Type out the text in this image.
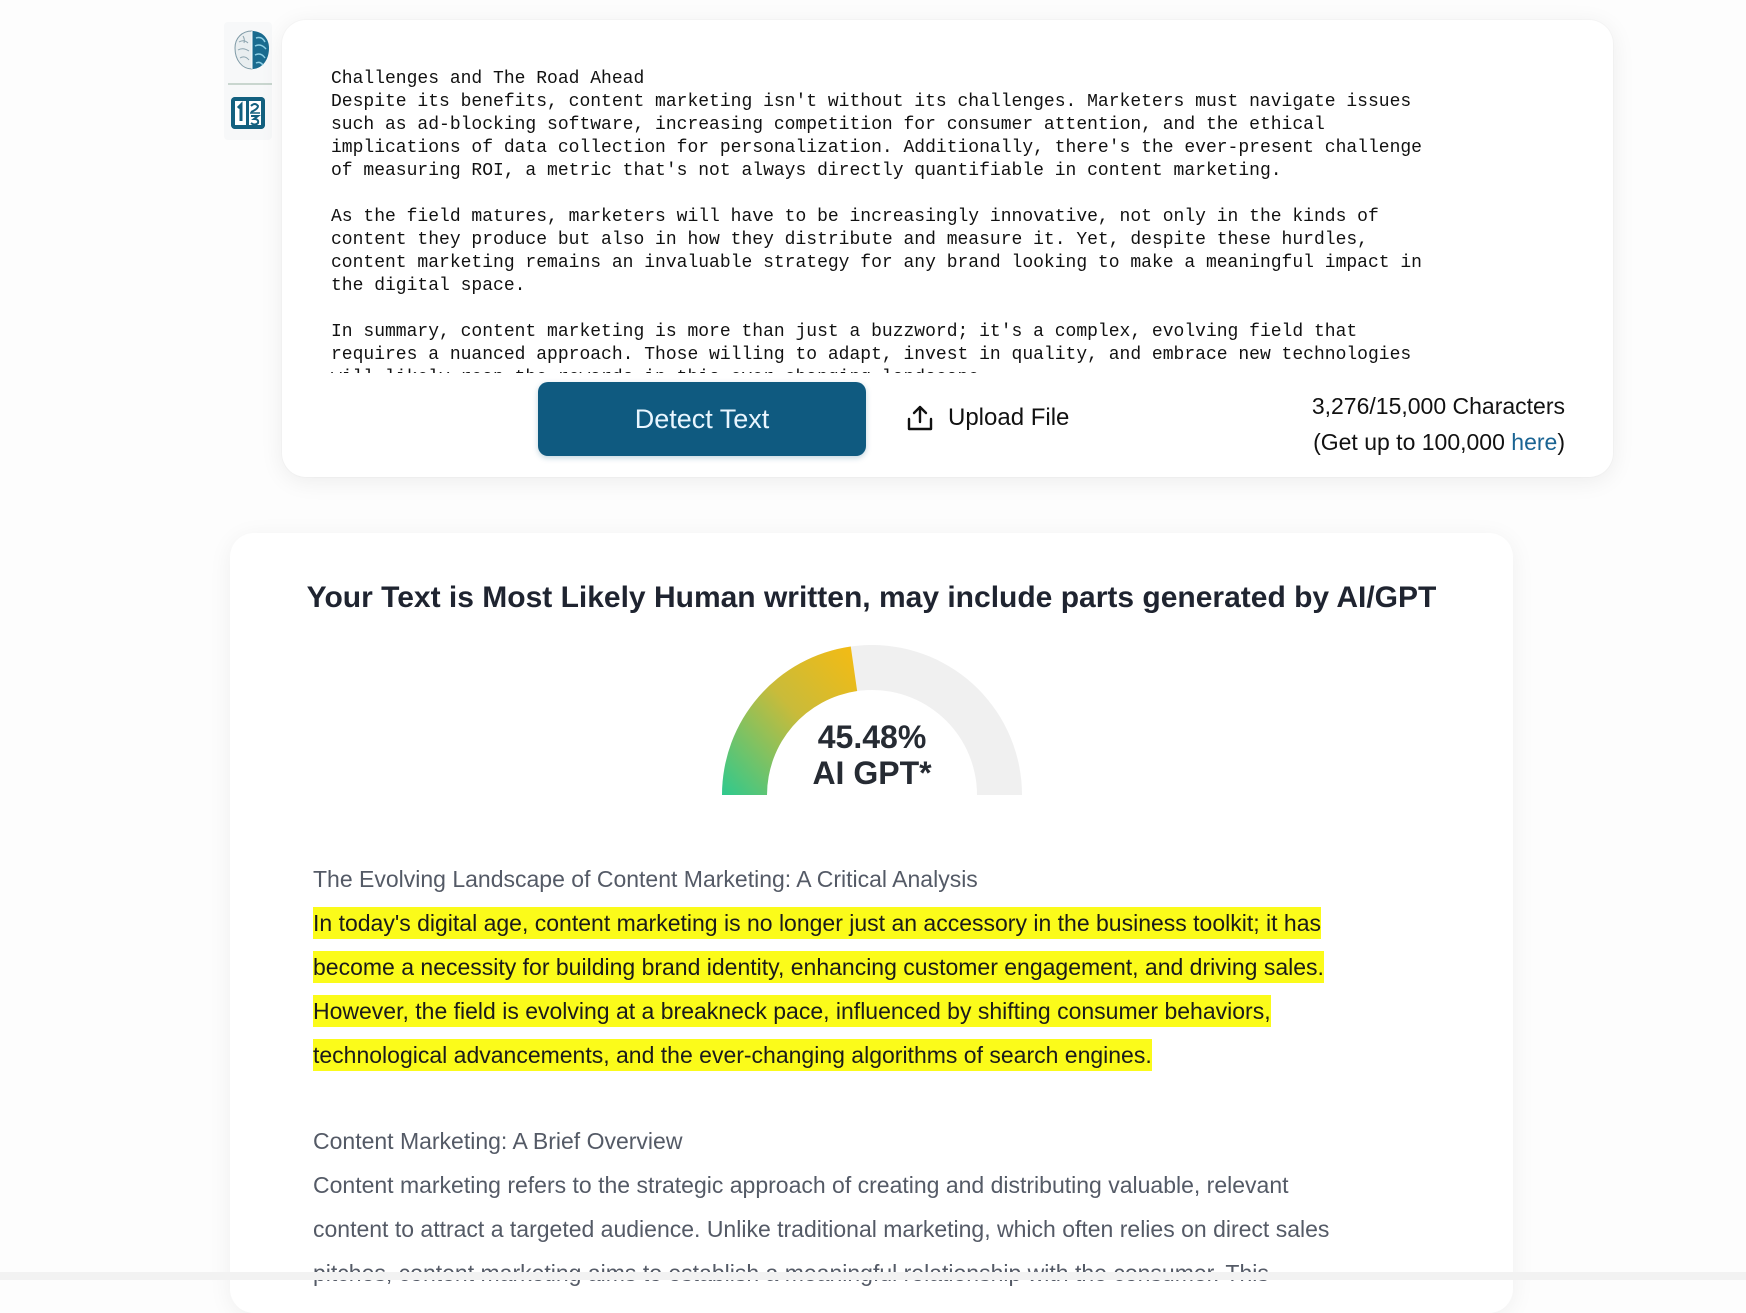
Challenges and The Road Ahead Despite its benefits, content marketing isn't without its challenges. Marketers must navigate issues such as ad-blocking software, increasing competition for consumer attention, and the ethical implications of data collection for personalization. Additionally, there's the ever-present challenge of measuring ROI, a metric that's not always directly quantifiable in content marketing. As the field matures, marketers will have to be increasingly innovative, not only in the kinds of content they produce but also in how they distribute and measure it. Yet, despite these hurdles, content marketing remains an invaluable strategy for any brand looking to make a meaningful impact in the digital space. In summary, content marketing is more than just a buzzword; it's a complex, evolving field that requires a nuanced approach. Those willing to adapt, invest in quality, and embrace new technologies will likely reap the rewards in this ever-changing landscape.
Detect Text	Upload File	3,276/15,000 Characters
(Get up to 100,000 here)
Your Text is Most Likely Human written, may include parts generated by AI/GPT
45.48%
AI GPT*

The Evolving Landscape of Content Marketing: A Critical Analysis

In today's digital age, content marketing is no longer just an accessory in the business toolkit; it has

become a necessity for building brand identity, enhancing customer engagement, and driving sales.

However, the field is evolving at a breakneck pace, influenced by shifting consumer behaviors,

technological advancements, and the ever-changing algorithms of search engines.

Content Marketing: A Brief Overview

Content marketing refers to the strategic approach of creating and distributing valuable, relevant

content to attract a targeted audience. Unlike traditional marketing, which often relies on direct sales
